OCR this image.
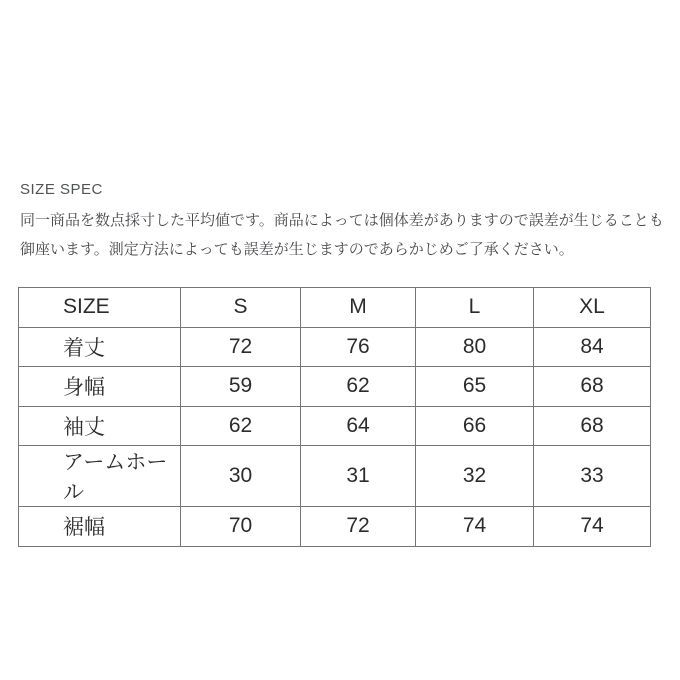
SIZE SPEC
同一商品を数点採寸した平均値です。商品によっては個体差がありますので誤差が生じることも
御座います。測定方法によっても誤差が生じますのであらかじめご了承ください。
SIZE	S	M	L	XL
着丈	72	76	80	84
身幅	59	62	65	68
袖丈	62	64	66	68
アームホール	30	31	32	33
裾幅	70	72	74	74
